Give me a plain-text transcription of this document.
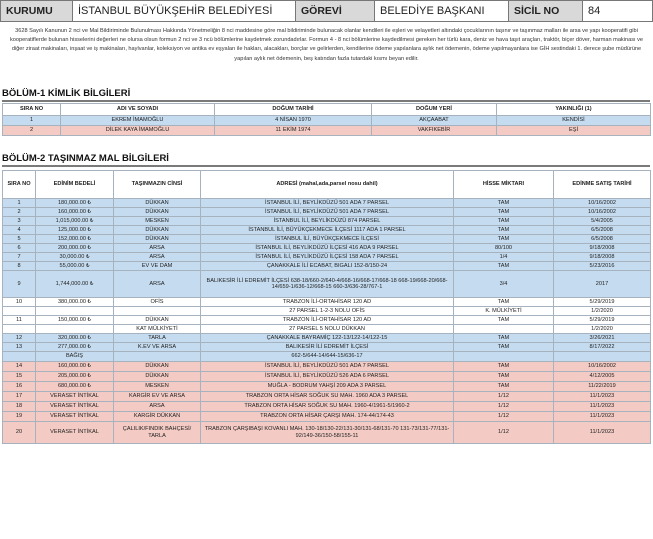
KURUMU	İSTANBUL BÜYÜKŞEHİR BELEDİYESİ	GÖREVİ	BELEDİYE BAŞKANI	SİCİL NO	84
3628 Sayılı Kanunun 2 nci ve Mal Bildiriminde Bulunulması Hakkında Yönetmeliğin 8 nci maddesine göre mal bildiriminde bulunacak olanlar kendileri ile eşleri ve velayetleri altındaki çocuklarının taşınır ve taşınmaz malları ile arsa ve yapı kooperatifi gibi kooperatiflerde bulunan hisselerini değerleri ne olursa olsun formun 2 nci ve 3 ncü bölümlerine kaydetmek zorundadırlar. Formun 4 - 8 nci bölümlerine kaydedilmesi gereken her türlü kara, deniz ve hava taşıt araçları, traktör, biçer döver, harman makinası ve diğer ziraat makinaları, inşaat ve iş makinaları, haylvanlar, koleksiyon ve antika ev eşyaları ile hakları, alacakları, borçlar ve gelirlerden, kendilerine ödeme yapılanlara aylık net ödemenin, ödeme yapılmayanlara ise GİH sestindaki 1. derece şube müdürüne yapılan aylık net ödemenin, beş katından fazla tutardaki kısmı beyan edilir.
BÖLÜM-1 KİMLİK BİLGİLERİ
SIRA NO	ADI VE SOYADI	DOĞUM TARİHİ	DOĞUM YERİ	YAKINLIĞI (1)
1	EKREM İMAMOĞLU	4 NİSAN 1970	AKÇAABAT	KENDİSİ
2	DİLEK KAYA İMAMOĞLU	11 EKİM 1974	VAKFIKEBİR	EŞİ
BÖLÜM-2 TAŞINMAZ MAL BİLGİLERİ
SIRA NO	EDİNİM BEDELİ	TAŞINMAZIN CİNSİ	ADRESİ (mahal,ada,parsel nosu dahil)	HİSSE MİKTARI	EDİNME SATIŞ TARİHİ
1	180,000.00 ₺	DÜKKAN	İSTANBUL İLİ, BEYLİKDÜZÜ 501 ADA 7 PARSEL	TAM	10/16/2002
2	160,000.00 ₺	DÜKKAN	İSTANBUL İLİ, BEYLİKDÜZÜ 501 ADA 7 PARSEL	TAM	10/16/2002
3	1,015,000.00 ₺	MESKEN	İSTANBUL İLİ, BEYLİKDÜZÜ 874 PARSEL	TAM	5/4/2005
4	125,000.00 ₺	DÜKKAN	İSTANBUL İLİ, BÜYÜKÇEKMECE İLÇESİ 1117 ADA 1 PARSEL	TAM	6/5/2008
5	152,000.00 ₺	DÜKKAN	İSTANBUL İLİ, BÜYÜKÇEKMECE İLÇESİ	TAM	6/5/2008
6	200,000.00 ₺	ARSA	İSTANBUL İLİ, BEYLİKDÜZÜ İLÇESİ 416 ADA 9 PARSEL	80/100	9/18/2008
7	30,000.00 ₺	ARSA	İSTANBUL İLİ, BEYLİKDÜZÜ İLÇESİ 158 ADA 7 PARSEL	1/4	9/18/2008
8	55,000.00 ₺	EV VE DAM	ÇANAKKALE İLİ ECABAT, BIGALI 152-8/150-24	TAM	5/23/2016
9	1,744,000.00 ₺	ARSA	BALIKESİR İLİ EDREMİT İLÇESİ 638-18/660-2/640-4/668-16/668-17/668-18 668-19/668-20/668-14/659-1/636-12/668-15 660-3/636-28/767-1	3/4	2017
10	380,000.00 ₺	OFİS	TRABZON İLİ-ORTAHİSAR 120 AD	TAM	5/29/2019
			27 PARSEL 1-2-3 NOLU OFİS	K. MÜLKİYETİ	1/2/2020
11	150,000.00 ₺	DÜKKAN	TRABZON İLİ-ORTAHİSAR 120 AD	TAM	5/29/2019
		KAT MÜLKİYETİ	27 PARSEL 5 NOLU DÜKKAN		1/2/2020
12	320,000.00 ₺	TARLA	ÇANAKKALE BAYRAMİÇ 122-13/122-14/122-15	TAM	3/26/2021
13	277,000.00 ₺	K.EV VE ARSA	BALIKESİR İLİ EDREMİT İLÇESİ	TAM	8/17/2022
	BAĞIŞ		662-5/644-14/644-15/636-17		
14	160,000.00 ₺	DÜKKAN	İSTANBUL İLİ, BEYLİKDÜZÜ 501 ADA 7 PARSEL	TAM	10/16/2002
15	205,000.00 ₺	DÜKKAN	İSTANBUL İLİ, BEYLİKDÜZÜ 526 ADA 6 PARSEL	TAM	4/12/2005
16	680,000.00 ₺	MESKEN	MUĞLA - BODRUM YAHŞİ 209 ADA 3 PARSEL	TAM	11/22/2019
17	VERASET İNTİKAL	KARGİR EV VE ARSA	TRABZON ORTA HİSAR SOĞUK SU MAH. 1960 ADA 3 PARSEL	1/12	11/1/2023
18	VERASET İNTİKAL	ARSA	TRABZON ORTA HİSAR SOĞUK SU MAH. 1960-4/1961-5/1960-2	1/12	11/1/2023
19	VERASET İNTİKAL	KARGİR DÜKKAN	TRABZON ORTA HİSAR ÇARŞI MAH. 174-44/174-43	1/12	11/1/2023
20	VERASET İNTİKAL	ÇALILIK/FINDIK BAHÇESİ/ TARLA	TRABZON ÇARŞIBAŞI KOVANLI MAH. 130-18/130-22/131-30/131-68/131-70 131-73/131-77/131-92/149-36/150-58/155-11	1/12	11/1/2023
